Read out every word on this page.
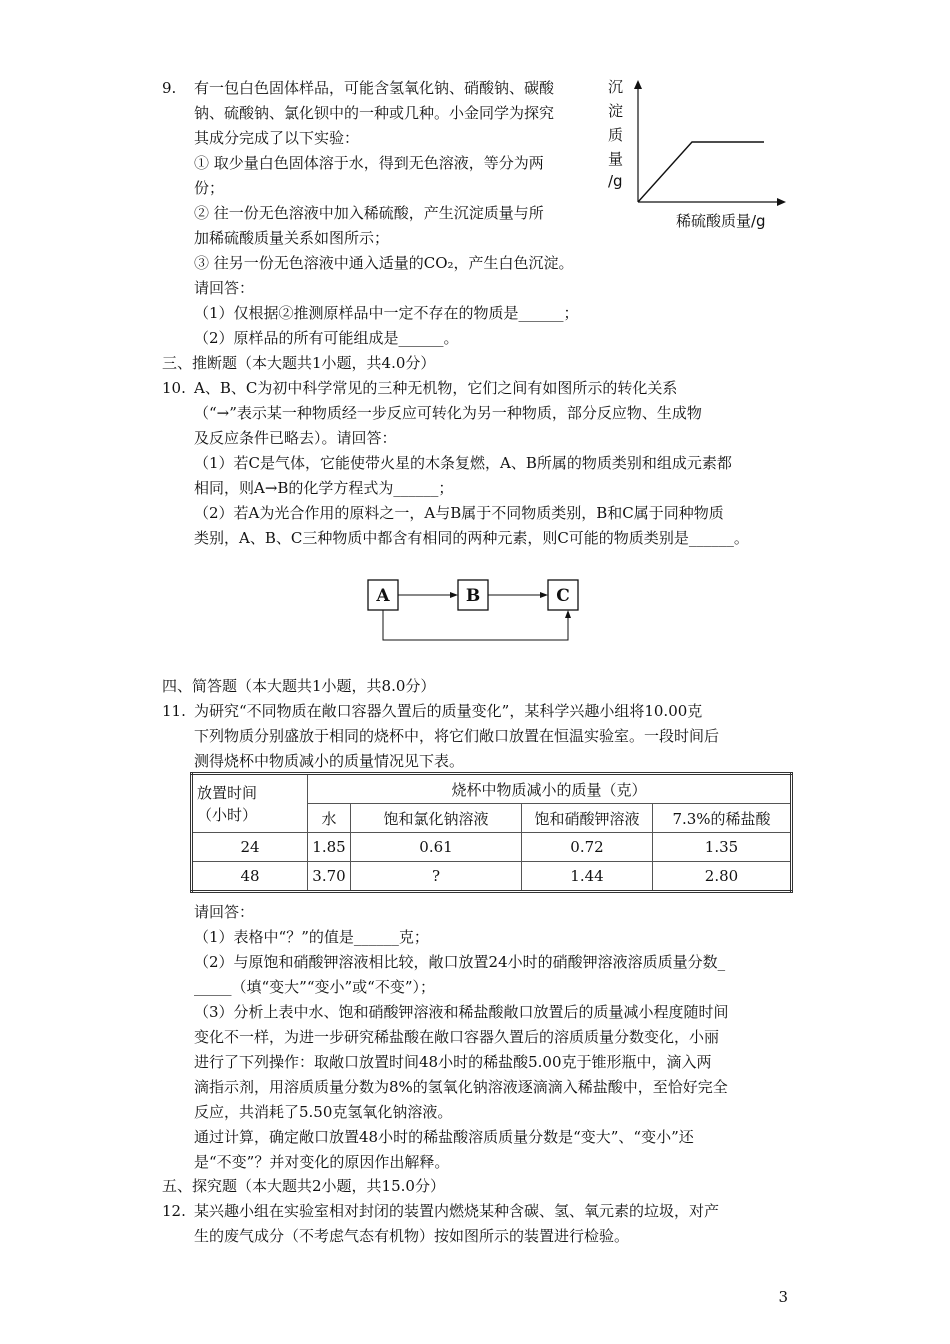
9. 有一包白色固体样品，可能含氢氧化钠、硝酸钠、碳酸
钠、硫酸钠、氯化钡中的一种或几种。小金同学为探究
其成分完成了以下实验：
① 取少量白色固体溶于水，得到无色溶液，等分为两
份；
② 往一份无色溶液中加入稀硫酸，产生沉淀质量与所
加稀硫酸质量关系如图所示；
③ 往另一份无色溶液中通入适量的CO₂，产生白色沉淀。
请回答：
（1）仅根据②推测原样品中一定不存在的物质是______；
（2）原样品的所有可能组成是______。
沉
淀
质
量
/g
稀硫酸质量/g
三、推断题（本大题共1小题，共4.0分）
10. A、B、C为初中科学常见的三种无机物，它们之间有如图所示的转化关系
（“→”表示某一种物质经一步反应可转化为另一种物质，部分反应物、生成物
及反应条件已略去）。请回答：
（1）若C是气体，它能使带火星的木条复燃，A、B所属的物质类别和组成元素都
相同，则A→B的化学方程式为______；
（2）若A为光合作用的原料之一，A与B属于不同物质类别，B和C属于同种物质
类别，A、B、C三种物质中都含有相同的两种元素，则C可能的物质类别是______。
A	B	C
四、简答题（本大题共1小题，共8.0分）
11. 为研究“不同物质在敞口容器久置后的质量变化”，某科学兴趣小组将10.00克
下列物质分别盛放于相同的烧杯中，将它们敞口放置在恒温实验室。一段时间后
测得烧杯中物质减小的质量情况见下表。
放置时间
（小时）	烧杯中物质减小的质量（克）			
	水	饱和氯化钠溶液	饱和硝酸钾溶液	7.3%的稀盐酸
24	1.85	0.61	0.72	1.35
48	3.70	?	1.44	2.80
请回答：
（1）表格中“？”的值是______克；
（2）与原饱和硝酸钾溶液相比较，敞口放置24小时的硝酸钾溶液溶质质量分数_
_____（填“变大”“变小”或“不变”）；
（3）分析上表中水、饱和硝酸钾溶液和稀盐酸敞口放置后的质量减小程度随时间
变化不一样，为进一步研究稀盐酸在敞口容器久置后的溶质质量分数变化，小丽
进行了下列操作：取敞口放置时间48小时的稀盐酸5.00克于锥形瓶中，滴入两
滴指示剂，用溶质质量分数为8%的氢氧化钠溶液逐滴滴入稀盐酸中，至恰好完全
反应，共消耗了5.50克氢氧化钠溶液。
通过计算，确定敞口放置48小时的稀盐酸溶质质量分数是“变大”、“变小”还
是“不变”？并对变化的原因作出解释。
五、探究题（本大题共2小题，共15.0分）
12. 某兴趣小组在实验室相对封闭的装置内燃烧某种含碳、氢、氧元素的垃圾，对产
生的废气成分（不考虑气态有机物）按如图所示的装置进行检验。
3
